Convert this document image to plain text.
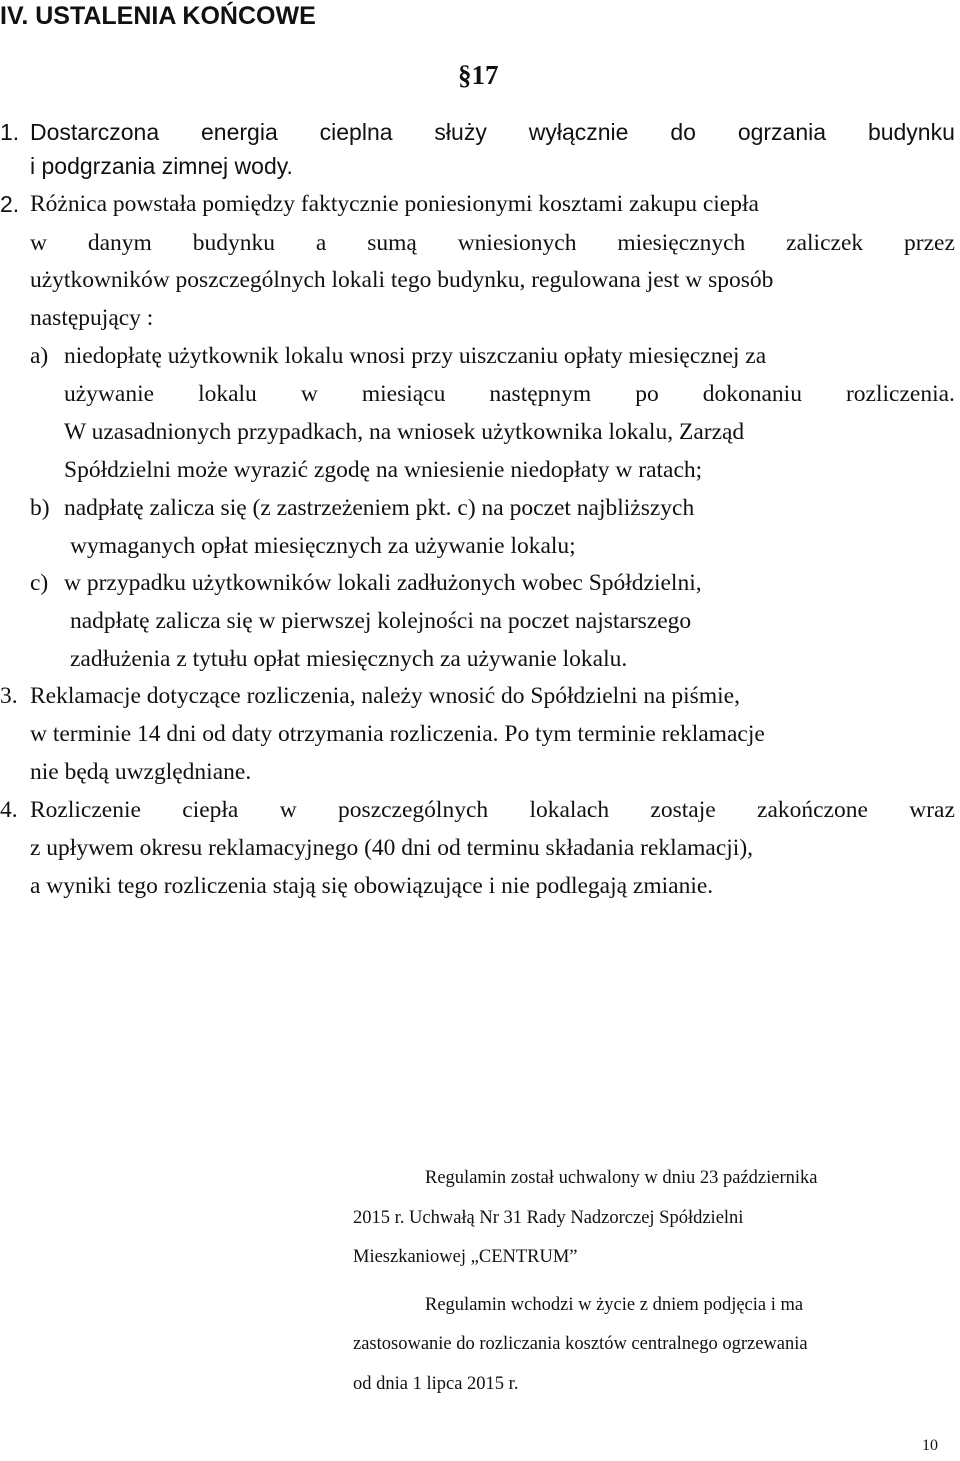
IV. USTALENIA KOŃCOWE
§17
1. Dostarczona energia cieplna służy wyłącznie do ogrzania budynku
i podgrzania zimnej wody.
2. Różnica powstała pomiędzy faktycznie poniesionymi kosztami zakupu ciepła
w danym budynku a sumą wniesionych miesięcznych zaliczek przez
użytkowników poszczególnych lokali tego budynku, regulowana jest w sposób
następujący :
a) niedopłatę użytkownik lokalu wnosi przy uiszczaniu opłaty miesięcznej za
używanie lokalu w miesiącu następnym po dokonaniu rozliczenia.
W uzasadnionych przypadkach, na wniosek użytkownika lokalu, Zarząd
Spółdzielni może wyrazić zgodę na wniesienie niedopłaty w ratach;
b) nadpłatę zalicza się (z zastrzeżeniem pkt. c) na poczet najbliższych
wymaganych opłat miesięcznych za używanie lokalu;
c) w przypadku użytkowników lokali zadłużonych wobec Spółdzielni,
nadpłatę zalicza się w pierwszej kolejności na poczet najstarszego
zadłużenia z tytułu opłat miesięcznych za używanie lokalu.
3. Reklamacje dotyczące rozliczenia, należy wnosić do Spółdzielni na piśmie,
w terminie 14 dni od daty otrzymania rozliczenia. Po tym terminie reklamacje
nie będą uwzględniane.
4. Rozliczenie ciepła w poszczególnych lokalach zostaje zakończone wraz
z upływem okresu reklamacyjnego (40 dni od terminu składania reklamacji),
a wyniki tego rozliczenia stają się obowiązujące i nie podlegają zmianie.
Regulamin został uchwalony w dniu 23 października
2015 r. Uchwałą Nr 31 Rady Nadzorczej Spółdzielni
Mieszkaniowej „CENTRUM”
Regulamin wchodzi w życie z dniem podjęcia i ma
zastosowanie do rozliczania kosztów centralnego ogrzewania
od dnia 1 lipca 2015 r.
10
